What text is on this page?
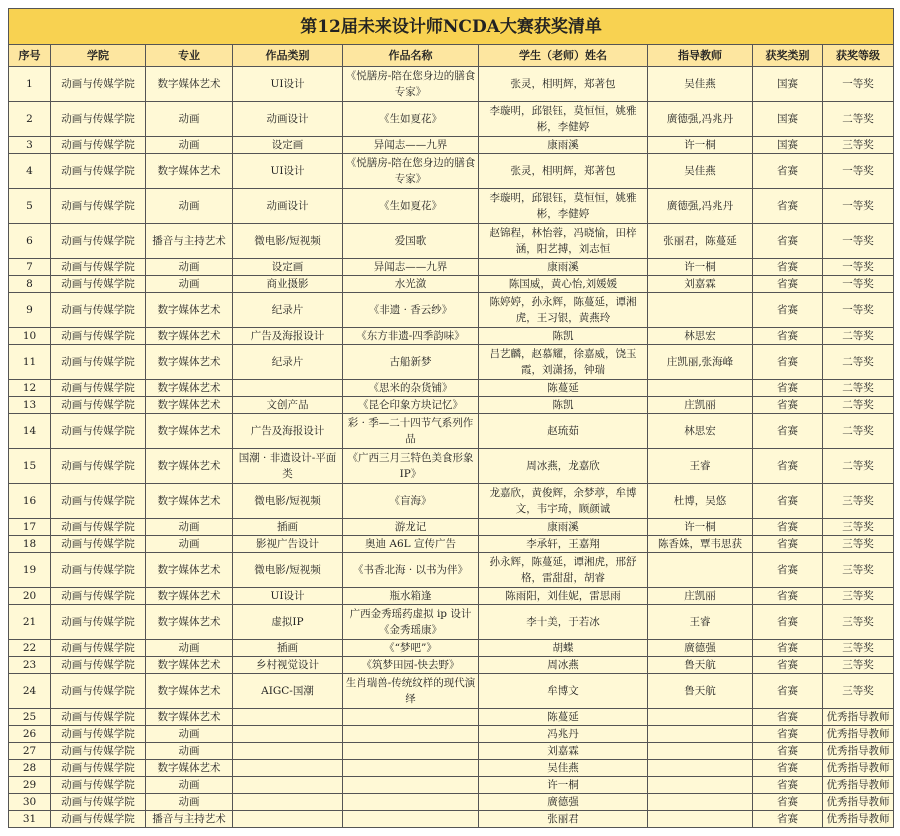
第12届未来设计师NCDA大赛获奖清单								
序号	学院	专业	作品类别	作品名称	学生（老师）姓名	指导教师	获奖类别	获奖等级
1	动画与传媒学院	数字媒体艺术	UI设计	《悦膳房-陪在您身边的膳食专家》	张灵，相明辉，郑著包	吴佳燕	国赛	一等奖
2	动画与传媒学院	动画	动画设计	《生如夏花》	李璇明，邱银钰，莫恒恒，姚雅彬，李健婷	廣德强,冯兆丹	国赛	二等奖
3	动画与传媒学院	动画	设定画	异闻志——九界	康雨溪	许一桐	国赛	三等奖
4	动画与传媒学院	数字媒体艺术	UI设计	《悦膳房-陪在您身边的膳食专家》	张灵，相明辉，郑著包	吴佳燕	省赛	一等奖
5	动画与传媒学院	动画	动画设计	《生如夏花》	李璇明，邱银钰，莫恒恒，姚雅彬，李健婷	廣德强,冯兆丹	省赛	一等奖
6	动画与传媒学院	播音与主持艺术	微电影/短视频	爱国歌	赵锦程，林怡蓉，冯晓愉，田梓涵，阳艺搏，刘志恒	张丽君，陈蔓延	省赛	一等奖
7	动画与传媒学院	动画	设定画	异闻志——九界	康雨溪	许一桐	省赛	一等奖
8	动画与传媒学院	动画	商业摄影	水光潋	陈国威，黄心怡,刘媛媛	刘嘉霖	省赛	一等奖
9	动画与传媒学院	数字媒体艺术	纪录片	《非遗 · 香云纱》	陈婷婷，孙永辉，陈蔓延，谭湘虎，王习银，黄燕玲		省赛	一等奖
10	动画与传媒学院	数字媒体艺术	广告及海报设计	《东方非遗-四季韵味》	陈凯	林思宏	省赛	二等奖
11	动画与传媒学院	数字媒体艺术	纪录片	古船新梦	吕艺麟，赵慕耀，徐嘉威，饶玉霞，刘潇扬，钟瑞	庄凯丽,张海峰	省赛	二等奖
12	动画与传媒学院	数字媒体艺术		《思米的杂货铺》	陈蔓延		省赛	二等奖
13	动画与传媒学院	数字媒体艺术	文创产品	《昆仑印象方块记忆》	陈凯	庄凯丽	省赛	二等奖
14	动画与传媒学院	数字媒体艺术	广告及海报设计	彩 · 季—二十四节气系列作品	赵琉茹	林思宏	省赛	二等奖
15	动画与传媒学院	数字媒体艺术	国潮 · 非遗设计-平面类	《广西三月三特色美食形象IP》	周冰燕，龙嘉欣	王睿	省赛	二等奖
16	动画与传媒学院	数字媒体艺术	微电影/短视频	《盲海》	龙嘉欣，黄俊辉，余梦葶，牟博文，韦宇琦，顾颜诚	杜博，吴悠	省赛	三等奖
17	动画与传媒学院	动画	插画	游龙记	康雨溪	许一桐	省赛	三等奖
18	动画与传媒学院	动画	影视广告设计	奥迪 A6L 宣传广告	李承轩，王嘉翔	陈香姝，覃韦思获	省赛	三等奖
19	动画与传媒学院	数字媒体艺术	微电影/短视频	《书香北海 · 以书为伴》	孙永辉，陈蔓延，谭湘虎，邢舒格，雷甜甜，胡睿		省赛	三等奖
20	动画与传媒学院	数字媒体艺术	UI设计	瓶水箱逢	陈雨阳，刘佳妮，雷思雨	庄凯丽	省赛	三等奖
21	动画与传媒学院	数字媒体艺术	虚拟IP	广西金秀瑶药虚拟 ip 设计《金秀瑶康》	李十美，于若冰	王睿	省赛	三等奖
22	动画与传媒学院	动画	插画	《“梦吧”》	胡蝶	廣德强	省赛	三等奖
23	动画与传媒学院	数字媒体艺术	乡村视觉设计	《筑梦田园-快去野》	周冰燕	鲁天航	省赛	三等奖
24	动画与传媒学院	数字媒体艺术	AIGC-国潮	生肖瑞兽-传统纹样的现代演绎	牟博文	鲁天航	省赛	三等奖
25	动画与传媒学院	数字媒体艺术			陈蔓延		省赛	优秀指导教师
26	动画与传媒学院	动画			冯兆丹		省赛	优秀指导教师
27	动画与传媒学院	动画			刘嘉霖		省赛	优秀指导教师
28	动画与传媒学院	数字媒体艺术			吴佳燕		省赛	优秀指导教师
29	动画与传媒学院	动画			许一桐		省赛	优秀指导教师
30	动画与传媒学院	动画			廣德强		省赛	优秀指导教师
31	动画与传媒学院	播音与主持艺术			张丽君		省赛	优秀指导教师
